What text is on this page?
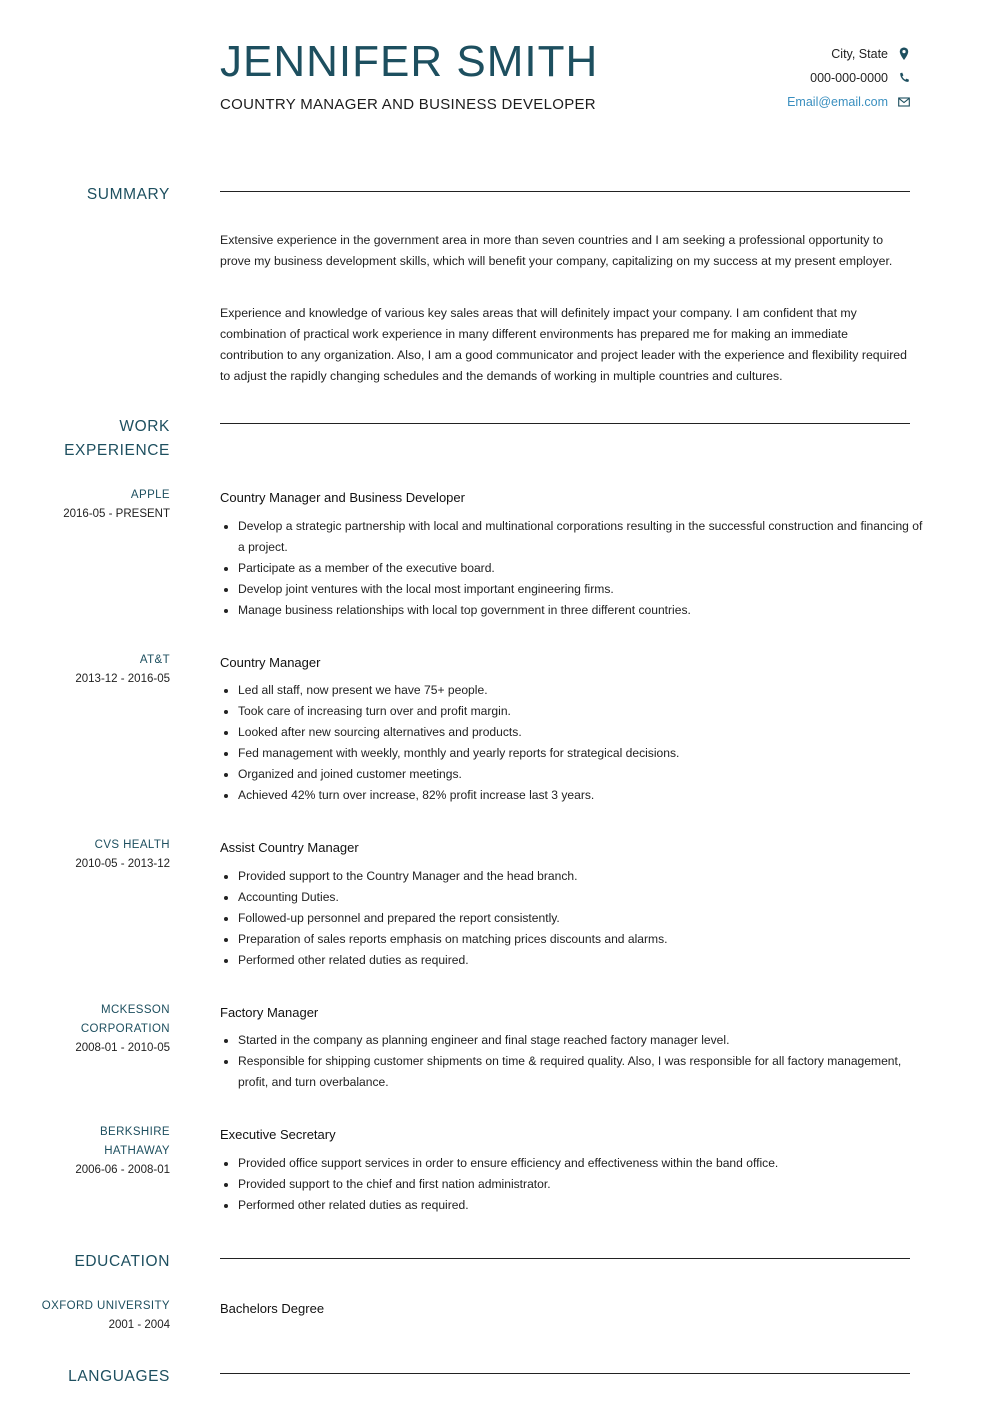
JENNIFER SMITH
COUNTRY MANAGER AND BUSINESS DEVELOPER
City, State
000-000-0000
Email@email.com
SUMMARY

Extensive experience in the government area in more than seven countries and I am seeking a professional opportunity to prove my business development skills, which will benefit your company, capitalizing on my success at my present employer.

Experience and knowledge of various key sales areas that will definitely impact your company. I am confident that my combination of practical work experience in many different environments has prepared me for making an immediate contribution to any organization. Also, I am a good communicator and project leader with the experience and flexibility required to adjust the rapidly changing schedules and the demands of working in multiple countries and cultures.

WORK
EXPERIENCE
APPLE
2016-05 - PRESENT
Country Manager and Business Developer
• Develop a strategic partnership with local and multinational corporations resulting in the successful construction and financing of a project.
• Participate as a member of the executive board.
• Develop joint ventures with the local most important engineering firms.
• Manage business relationships with local top government in three different countries.
AT&T
2013-12 - 2016-05
Country Manager
• Led all staff, now present we have 75+ people.
• Took care of increasing turn over and profit margin.
• Looked after new sourcing alternatives and products.
• Fed management with weekly, monthly and yearly reports for strategical decisions.
• Organized and joined customer meetings.
• Achieved 42% turn over increase, 82% profit increase last 3 years.
CVS HEALTH
2010-05 - 2013-12
Assist Country Manager
• Provided support to the Country Manager and the head branch.
• Accounting Duties.
• Followed-up personnel and prepared the report consistently.
• Preparation of sales reports emphasis on matching prices discounts and alarms.
• Performed other related duties as required.
MCKESSON
CORPORATION
2008-01 - 2010-05
Factory Manager
• Started in the company as planning engineer and final stage reached factory manager level.
• Responsible for shipping customer shipments on time & required quality. Also, I was responsible for all factory management, profit, and turn overbalance.
BERKSHIRE
HATHAWAY
2006-06 - 2008-01
Executive Secretary
• Provided office support services in order to ensure efficiency and effectiveness within the band office.
• Provided support to the chief and first nation administrator.
• Performed other related duties as required.
EDUCATION
OXFORD UNIVERSITY
2001 - 2004
Bachelors Degree
LANGUAGES
